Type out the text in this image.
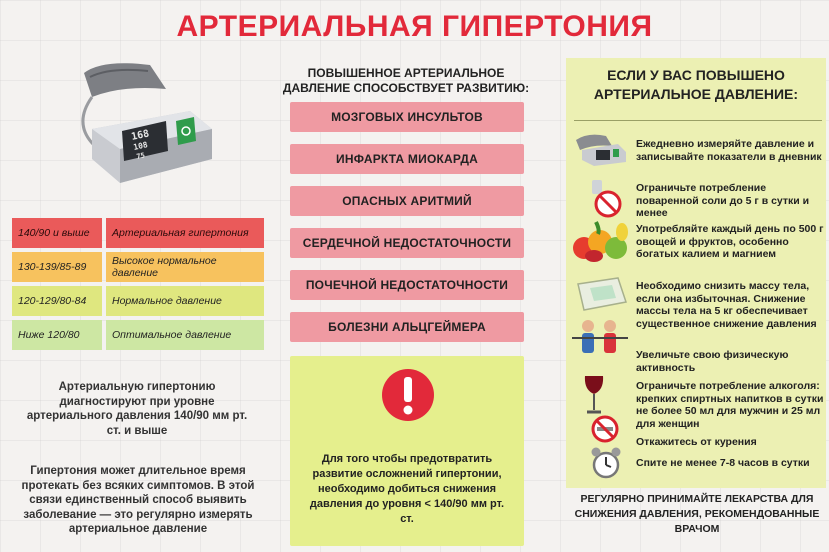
АРТЕРИАЛЬНАЯ ГИПЕРТОНИЯ
168
108
75
140/90 и выше	Артериальная гипертония
130-139/85-89	Высокое нормальное давление
120-129/80-84	Нормальное давление
Ниже 120/80	Оптимальное давление
Артериальную гипертонию диагностируют при уровне артериального давления 140/90 мм рт. ст. и выше
Гипертония может длительное время протекать без всяких симптомов. В этой связи единственный способ выявить заболевание — это регулярно измерять артериальное давление
ПОВЫШЕННОЕ АРТЕРИАЛЬНОЕ ДАВЛЕНИЕ СПОСОБСТВУЕТ РАЗВИТИЮ:
МОЗГОВЫХ ИНСУЛЬТОВ
ИНФАРКТА МИОКАРДА
ОПАСНЫХ АРИТМИЙ
СЕРДЕЧНОЙ НЕДОСТАТОЧНОСТИ
ПОЧЕЧНОЙ НЕДОСТАТОЧНОСТИ
БОЛЕЗНИ АЛЬЦГЕЙМЕРА
Для того чтобы предотвратить развитие осложнений гипертонии, необходимо добиться снижения давления до уровня < 140/90 мм рт. ст.
ЕСЛИ У ВАС ПОВЫШЕНО АРТЕРИАЛЬНОЕ ДАВЛЕНИЕ:
Ежедневно измеряйте давление и записывайте показатели в дневник
Ограничьте потребление поваренной соли до 5 г в сутки и менее
Употребляйте каждый день по 500 г овощей и фруктов, особенно богатых калием и магнием
Необходимо снизить массу тела, если она избыточная. Снижение массы тела на 5 кг обеспечивает существенное снижение давления
Увеличьте свою физическую активность
Ограничьте потребление алкоголя: крепких спиртных напитков в сутки не более 50 мл для мужчин и 25 мл для женщин
Откажитесь от курения
Спите не менее 7-8 часов в сутки
РЕГУЛЯРНО ПРИНИМАЙТЕ ЛЕКАРСТВА ДЛЯ СНИЖЕНИЯ ДАВЛЕНИЯ, РЕКОМЕНДОВАННЫЕ ВРАЧОМ
